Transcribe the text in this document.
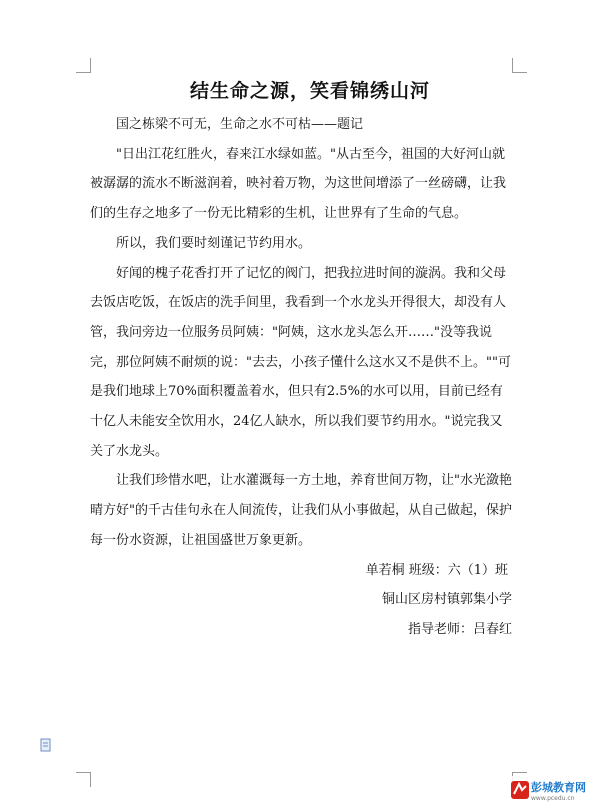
结生命之源，笑看锦绣山河

国之栋梁不可无，生命之水不可枯——题记

"日出江花红胜火，春来江水绿如蓝。"从古至今，祖国的大好河山就被潺潺的流水不断滋润着，映衬着万物，为这世间增添了一丝磅礴，让我们的生存之地多了一份无比精彩的生机，让世界有了生命的气息。

所以，我们要时刻谨记节约用水。

好闻的槐子花香打开了记忆的阀门，把我拉进时间的漩涡。我和父母去饭店吃饭，在饭店的洗手间里，我看到一个水龙头开得很大，却没有人管，我问旁边一位服务员阿姨："阿姨，这水龙头怎么开……"没等我说完，那位阿姨不耐烦的说："去去，小孩子懂什么这水又不是供不上。""可是我们地球上70%面积覆盖着水，但只有2.5%的水可以用，目前已经有十亿人未能安全饮用水，24亿人缺水，所以我们要节约用水。"说完我又关了水龙头。

让我们珍惜水吧，让水灌溉每一方土地，养育世间万物，让"水光潋艳晴方好"的千古佳句永在人间流传，让我们从小事做起，从自己做起，保护每一份水资源，让祖国盛世万象更新。

单若桐 班级：六（1）班

铜山区房村镇郭集小学

指导老师：吕春红

彭城教育网
www.pcedu.cn
